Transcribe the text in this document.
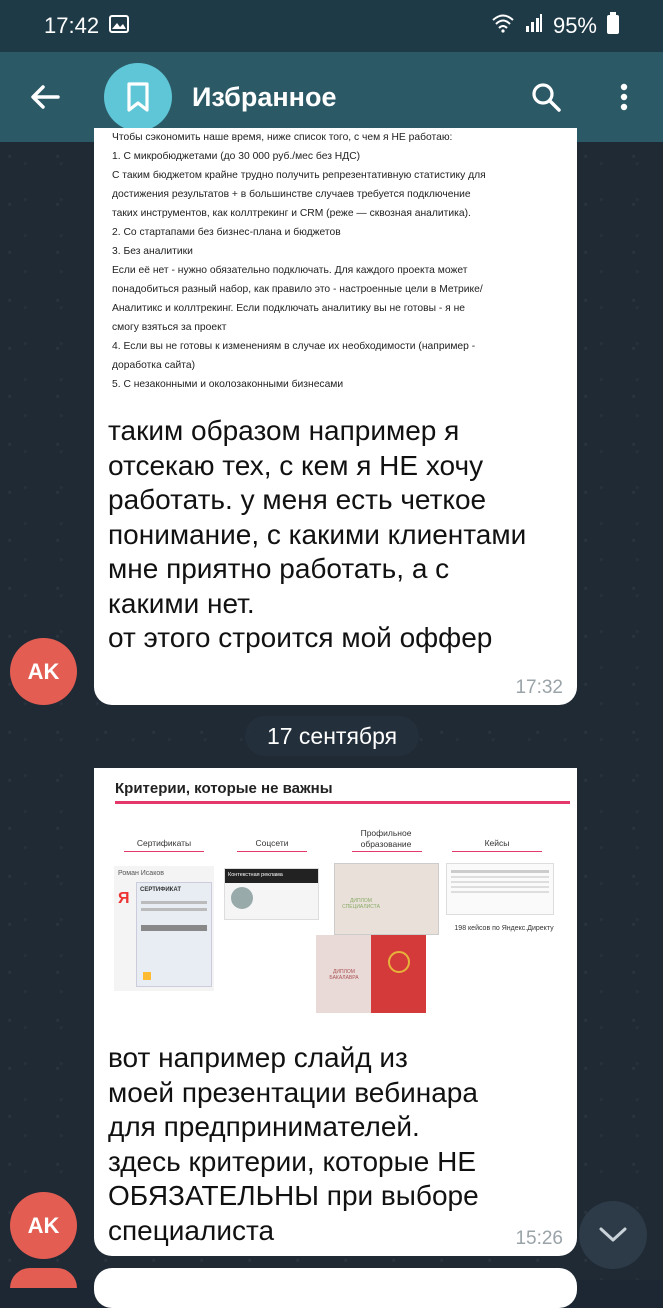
17:42	95%
Избранное
Чтобы сэкономить наше время, ниже список того, с чем я НЕ работаю:
1. С микробюджетами (до 30 000 руб./мес без НДС)
С таким бюджетом крайне трудно получить репрезентативную статистику для
достижения результатов + в большинстве случаев требуется подключение
таких инструментов, как коллтрекинг и CRM (реже — сквозная аналитика).
2. Со стартапами без бизнес-плана и бюджетов
3. Без аналитики
Если её нет - нужно обязательно подключать. Для каждого проекта может
понадобиться разный набор, как правило это - настроенные цели в Метрике/
Аналитикс и коллтрекинг. Если подключать аналитику вы не готовы - я не
смогу взяться за проект
4. Если вы не готовы к изменениям в случае их необходимости (например -
доработка сайта)
5. С незаконными и околозаконными бизнесами
таким образом например я
отсекаю тех, с кем я НЕ хочу
работать. у меня есть четкое
понимание, с какими клиентами
мне приятно работать, а с
какими нет.
от этого строится мой оффер
17:32
AK
17 сентября
Критерии, которые не важны
Сертификаты	Соцсети
Профильное образование	Кейсы
Роман Исаков
Я	СЕРТИФИКАТ
Контекстная реклама
ДИПЛОМ СПЕЦИАЛИСТА
ДИПЛОМ БАКАЛАВРА
198 кейсов по Яндекс.Директу
вот например слайд из
моей презентации вебинара
для предпринимателей.
здесь критерии, которые НЕ
ОБЯЗАТЕЛЬНЫ при выборе
специалиста	15:26
AK
